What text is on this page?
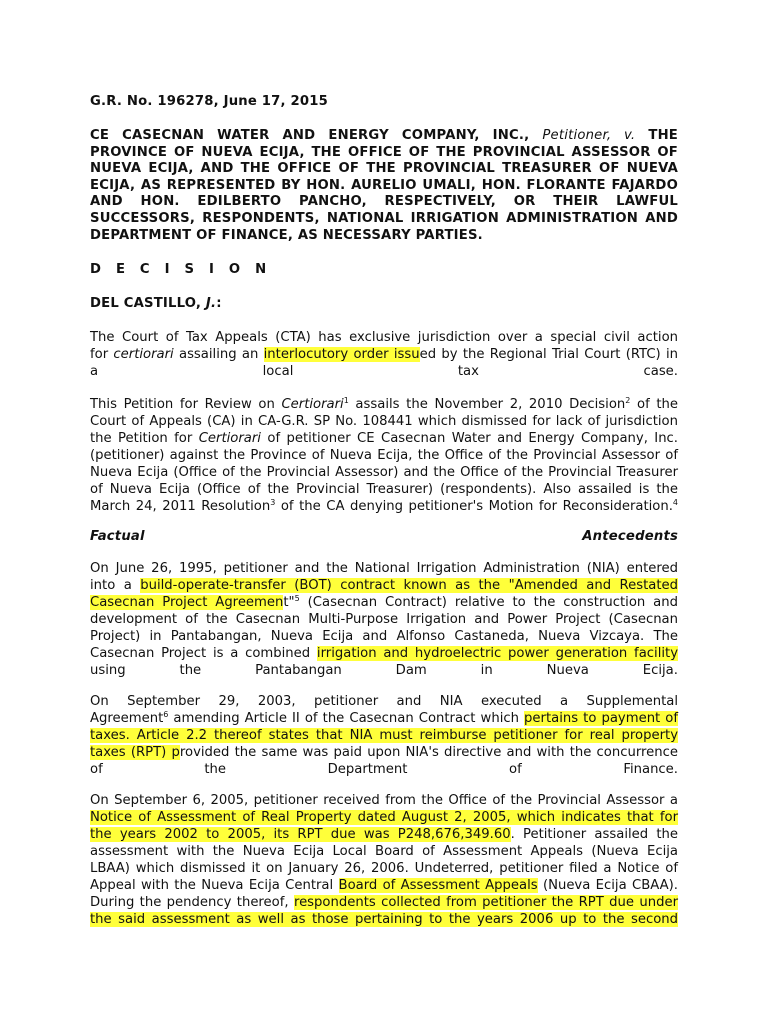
G.R. No. 196278, June 17, 2015
CE CASECNAN WATER AND ENERGY COMPANY, INC., Petitioner, v. THE
PROVINCE OF NUEVA ECIJA, THE OFFICE OF THE PROVINCIAL ASSESSOR OF
NUEVA ECIJA, AND THE OFFICE OF THE PROVINCIAL TREASURER OF NUEVA
ECIJA, AS REPRESENTED BY HON. AURELIO UMALI, HON. FLORANTE FAJARDO
AND HON. EDILBERTO PANCHO, RESPECTIVELY, OR THEIR LAWFUL
SUCCESSORS, RESPONDENTS, NATIONAL IRRIGATION ADMINISTRATION AND
DEPARTMENT OF FINANCE, AS NECESSARY PARTIES.
D E C I S I O N
DEL CASTILLO, J.:
The Court of Tax Appeals (CTA) has exclusive jurisdiction over a special civil action
for certiorari assailing an interlocutory order issued by the Regional Trial Court (RTC) in
a	local	tax	case.
This Petition for Review on Certiorari$^1$ assails the November 2, 2010 Decision$^2$ of the
Court of Appeals (CA) in CA-G.R. SP No. 108441 which dismissed for lack of jurisdiction
the Petition for Certiorari of petitioner CE Casecnan Water and Energy Company, Inc.
(petitioner) against the Province of Nueva Ecija, the Office of the Provincial Assessor of
Nueva Ecija (Office of the Provincial Assessor) and the Office of the Provincial Treasurer
of Nueva Ecija (Office of the Provincial Treasurer) (respondents). Also assailed is the
March 24, 2011 Resolution$^3$ of the CA denying petitioner's Motion for Reconsideration.$^4$
Factual	Antecedents
On June 26, 1995, petitioner and the National Irrigation Administration (NIA) entered
into a build-operate-transfer (BOT) contract known as the "Amended and Restated
Casecnan Project Agreement"$^5$ (Casecnan Contract) relative to the construction and
development of the Casecnan Multi-Purpose Irrigation and Power Project (Casecnan
Project) in Pantabangan, Nueva Ecija and Alfonso Castaneda, Nueva Vizcaya. The
Casecnan Project is a combined irrigation and hydroelectric power generation facility
using	the	Pantabangan	Dam	in	Nueva	Ecija.
On September 29, 2003, petitioner and NIA executed a Supplemental
Agreement$^6$ amending Article II of the Casecnan Contract which pertains to payment of
taxes. Article 2.2 thereof states that NIA must reimburse petitioner for real property
taxes (RPT) provided the same was paid upon NIA's directive and with the concurrence
of	the	Department	of	Finance.
On September 6, 2005, petitioner received from the Office of the Provincial Assessor a
Notice of Assessment of Real Property dated August 2, 2005, which indicates that for
the years 2002 to 2005, its RPT due was P248,676,349.60. Petitioner assailed the
assessment with the Nueva Ecija Local Board of Assessment Appeals (Nueva Ecija
LBAA) which dismissed it on January 26, 2006. Undeterred, petitioner filed a Notice of
Appeal with the Nueva Ecija Central Board of Assessment Appeals (Nueva Ecija CBAA).
During the pendency thereof, respondents collected from petitioner the RPT due under
the said assessment as well as those pertaining to the years 2006 up to the second
